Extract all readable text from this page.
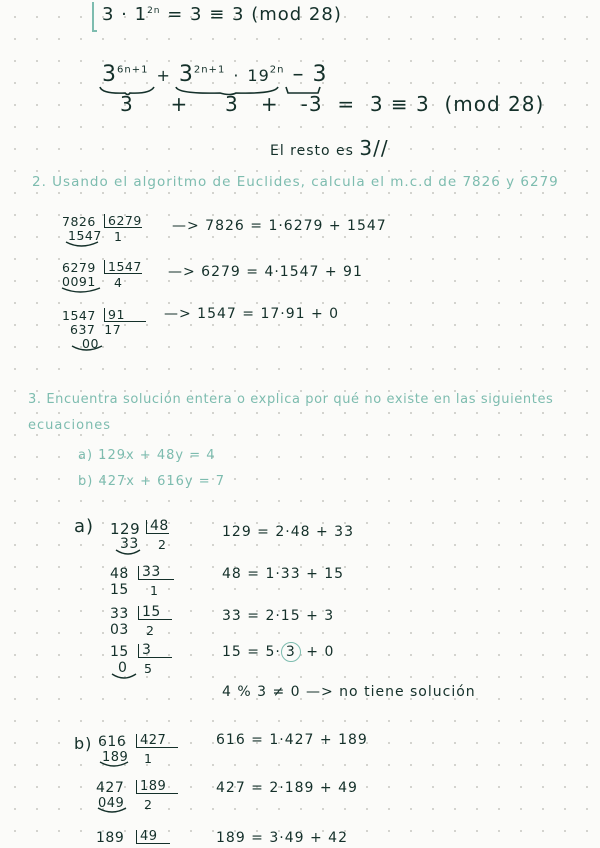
$3 \cdot 1^{2n} = 3 \equiv 3$ (mod 28)
$3^{6n+1} + 3^{2n+1} \cdot 19^{2n} - 3$
3     +     3   +   -3  =  3 ≡ 3  (mod 28)
El resto es 3//
2. Usando el algoritmo de Euclides, calcula el m.c.d de 7826 y 6279
7826 6279
1547 1
—> 7826 = 1·6279 + 1547
6279 1547
0091 4
—> 6279 = 4·1547 + 91
1547 91
637  17
00
—> 1547 = 17·91 + 0
3. Encuentra solución entera o explica por qué no existe en las siguientes
ecuaciones
a) 129x + 48y = 4
b) 427x + 616y = 7
a) 129 48
33 2
129 = 2·48 + 33
48 33
15 1
48 = 1·33 + 15
33 15
03 2
33 = 2·15 + 3
15 3
0 5
15 = 5· 3 + 0
4 % 3 ≠ 0 —> no tiene solución
b) 616	427
189 1
616 = 1·427 + 189
427	189
049 2
427 = 2·189 + 49
189	49	189 = 3·49 + 42
